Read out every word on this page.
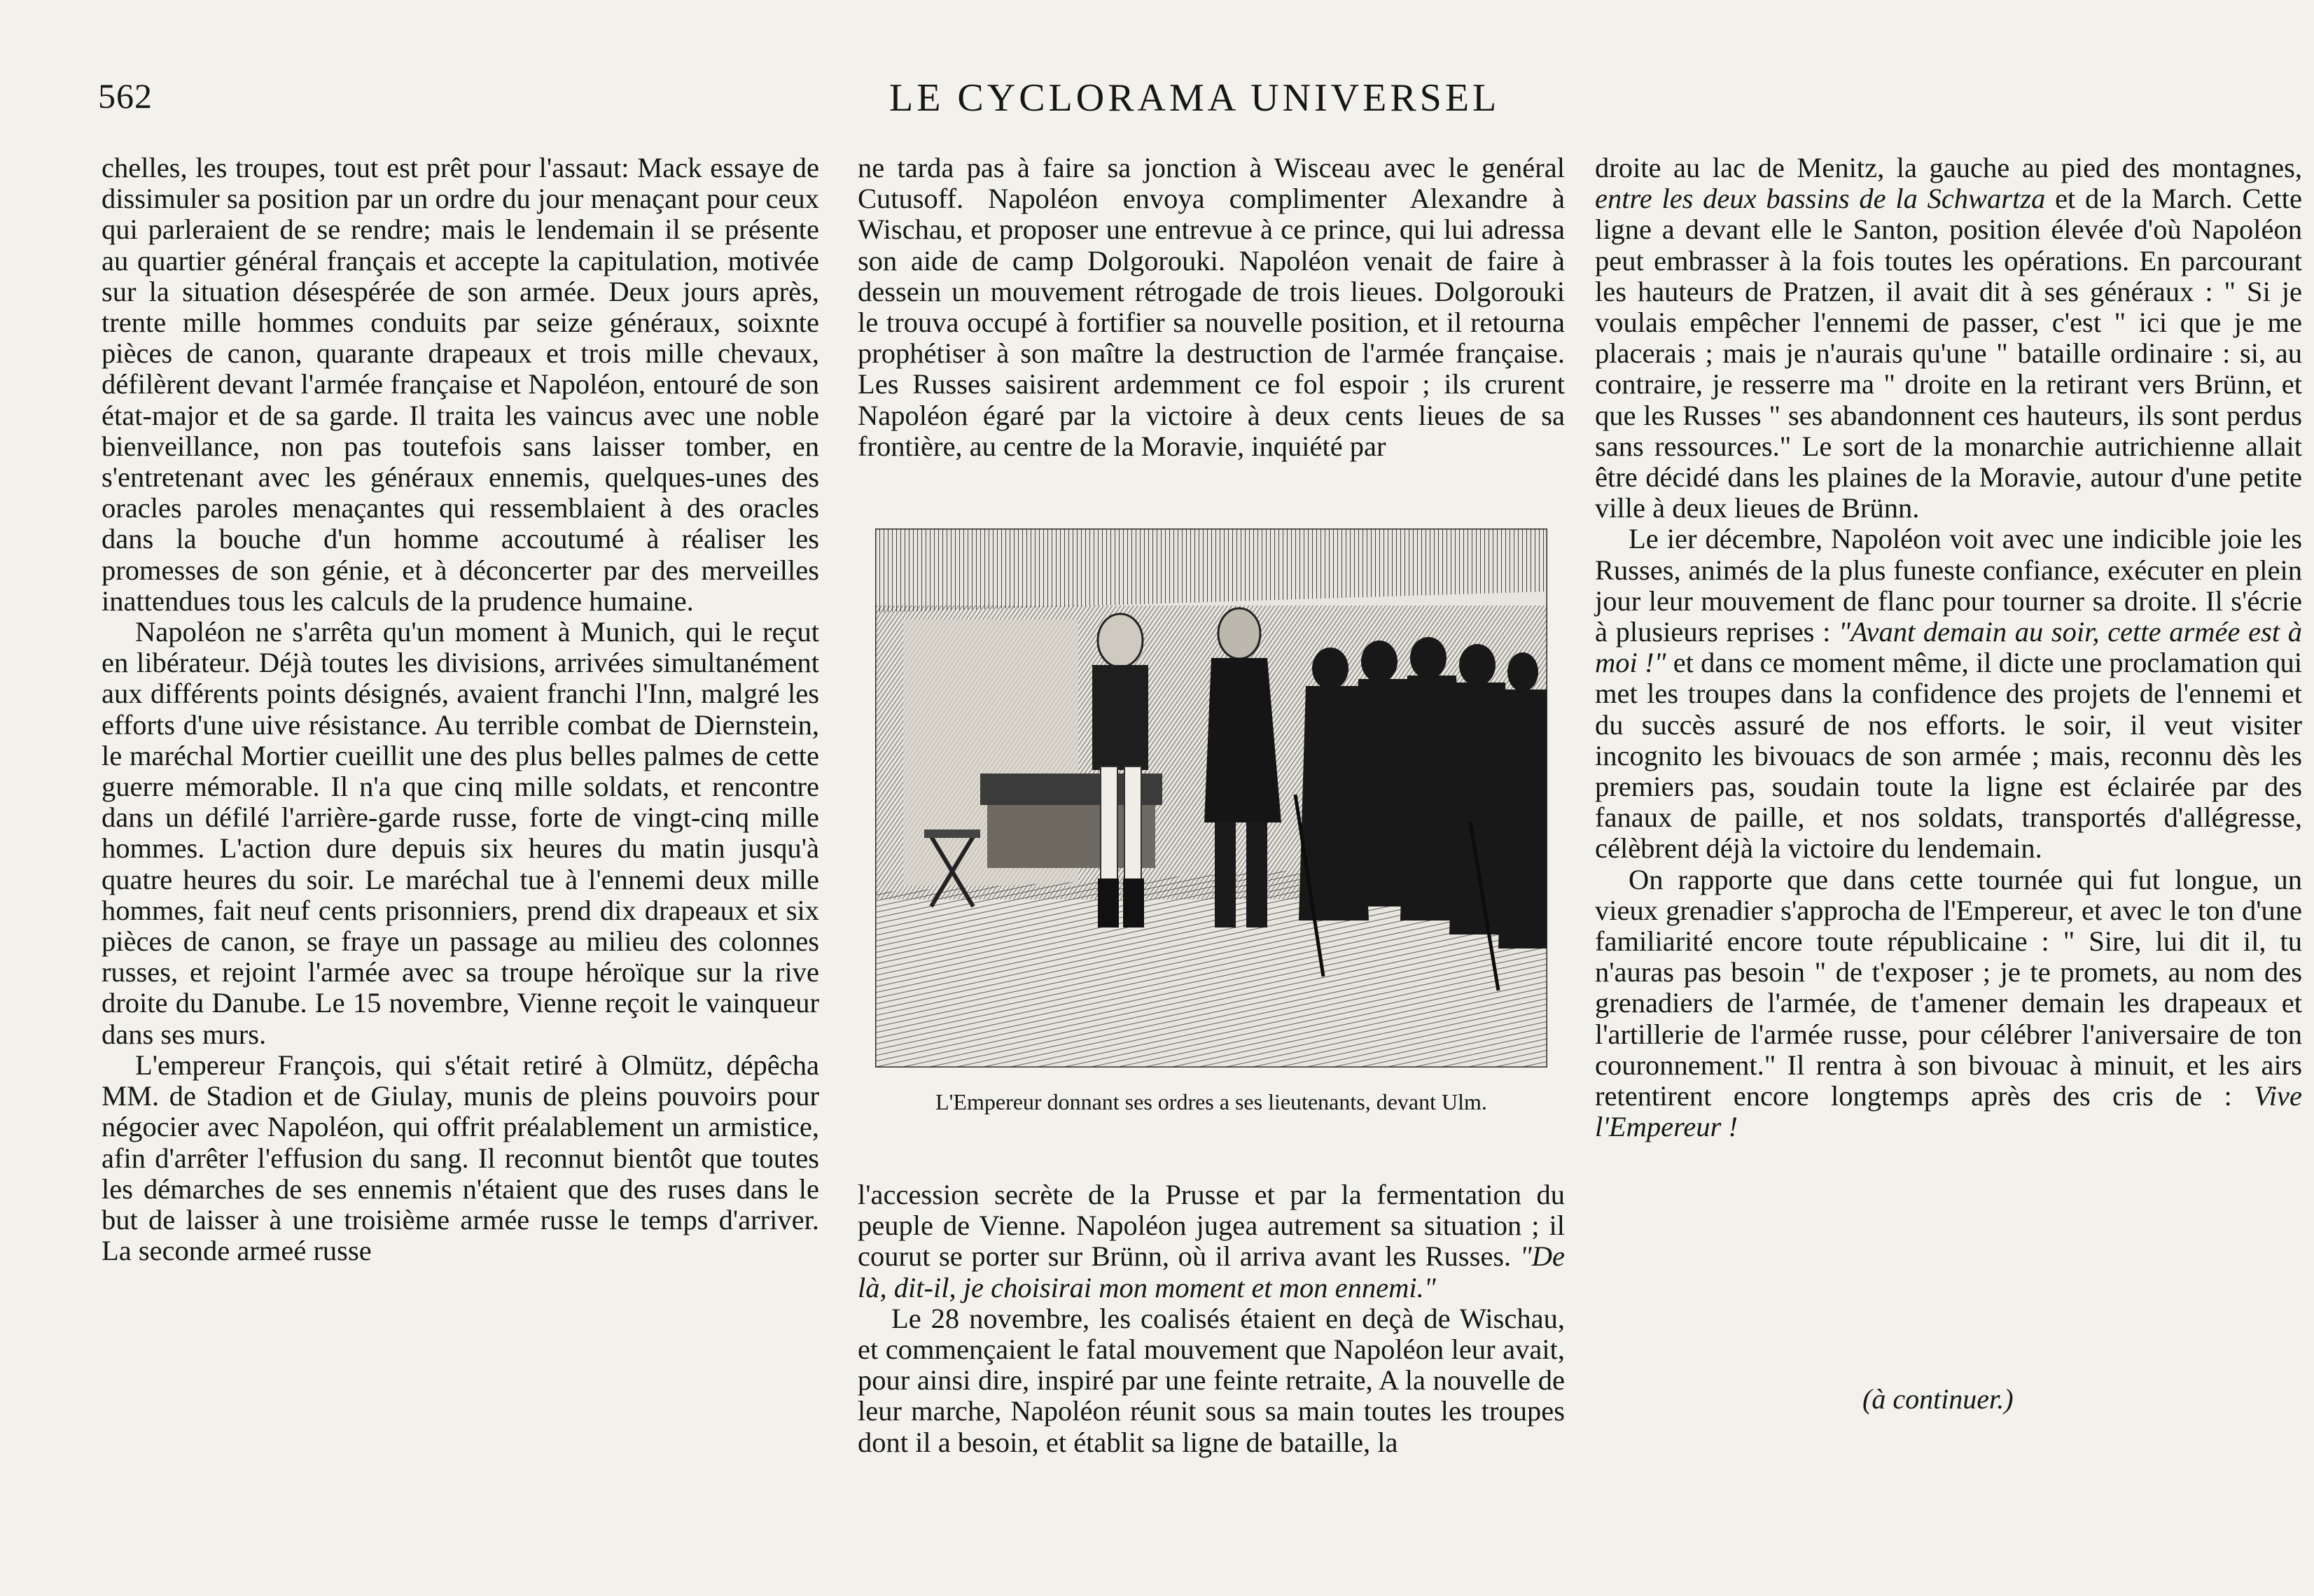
562	LE CYCLORAMA UNIVERSEL

chelles, les troupes, tout est prêt pour l'assaut: Mack essaye de dissimuler sa position par un ordre du jour menaçant pour ceux qui parleraient de se rendre; mais le lendemain il se présente au quartier général français et accepte la capitulation, motivée sur la situation désespérée de son armée. Deux jours après, trente mille hommes conduits par seize généraux, soixnte pièces de canon, quarante drapeaux et trois mille chevaux, défilèrent devant l'armée française et Napoléon, entouré de son état-major et de sa garde. Il traita les vaincus avec une noble bienveillance, non pas toutefois sans laisser tomber, en s'entretenant avec les généraux ennemis, quelques-unes des oracles paroles menaçantes qui ressemblaient à des oracles dans la bouche d'un homme accoutumé à réaliser les promesses de son génie, et à déconcerter par des merveilles inattendues tous les calculs de la prudence humaine.

Napoléon ne s'arrêta qu'un moment à Munich, qui le reçut en libérateur. Déjà toutes les divisions, arrivées simultanément aux différents points désignés, avaient franchi l'Inn, malgré les efforts d'une uive résistance. Au terrible combat de Diernstein, le maréchal Mortier cueillit une des plus belles palmes de cette guerre mémorable. Il n'a que cinq mille soldats, et rencontre dans un défilé l'arrière-garde russe, forte de vingt-cinq mille hommes. L'action dure depuis six heures du matin jusqu'à quatre heures du soir. Le maréchal tue à l'ennemi deux mille hommes, fait neuf cents prisonniers, prend dix drapeaux et six pièces de canon, se fraye un passage au milieu des colonnes russes, et rejoint l'armée avec sa troupe héroïque sur la rive droite du Danube. Le 15 novembre, Vienne reçoit le vainqueur dans ses murs.

L'empereur François, qui s'était retiré à Olmütz, dépêcha MM. de Stadion et de Giulay, munis de pleins pouvoirs pour négocier avec Napoléon, qui offrit préalablement un armistice, afin d'arrêter l'effusion du sang. Il reconnut bientôt que toutes les démarches de ses ennemis n'étaient que des ruses dans le but de laisser à une troisième armée russe le temps d'arriver. La seconde armeé russe

ne tarda pas à faire sa jonction à Wisceau avec le genéral Cutusoff. Napoléon envoya complimenter Alexandre à Wischau, et proposer une entrevue à ce prince, qui lui adressa son aide de camp Dolgorouki. Napoléon venait de faire à dessein un mouvement rétrogade de trois lieues. Dolgorouki le trouva occupé à fortifier sa nouvelle position, et il retourna prophétiser à son maître la destruction de l'armée française. Les Russes saisirent ardemment ce fol espoir ; ils crurent Napoléon égaré par la victoire à deux cents lieues de sa frontière, au centre de la Moravie, inquiété par

L'Empereur donnant ses ordres a ses lieutenants, devant Ulm.

l'accession secrète de la Prusse et par la fermentation du peuple de Vienne. Napoléon jugea autrement sa situation ; il courut se porter sur Brünn, où il arriva avant les Russes. "De là, dit-il, je choisirai mon moment et mon ennemi."

Le 28 novembre, les coalisés étaient en deçà de Wischau, et commençaient le fatal mouvement que Napoléon leur avait, pour ainsi dire, inspiré par une feinte retraite, A la nouvelle de leur marche, Napoléon réunit sous sa main toutes les troupes dont il a besoin, et établit sa ligne de bataille, la

droite au lac de Menitz, la gauche au pied des montagnes, entre les deux bassins de la Schwartza et de la March. Cette ligne a devant elle le Santon, position élevée d'où Napoléon peut embrasser à la fois toutes les opérations. En parcourant les hauteurs de Pratzen, il avait dit à ses généraux : " Si je voulais empêcher l'ennemi de passer, c'est " ici que je me placerais ; mais je n'aurais qu'une " bataille ordinaire : si, au contraire, je resserre ma " droite en la retirant vers Brünn, et que les Russes " ses abandonnent ces hauteurs, ils sont perdus sans ressources." Le sort de la monarchie autrichienne allait être décidé dans les plaines de la Moravie, autour d'une petite ville à deux lieues de Brünn.

Le ier décembre, Napoléon voit avec une indicible joie les Russes, animés de la plus funeste confiance, exécuter en plein jour leur mouvement de flanc pour tourner sa droite. Il s'écrie à plusieurs reprises : "Avant demain au soir, cette armée est à moi !" et dans ce moment même, il dicte une proclamation qui met les troupes dans la confidence des projets de l'ennemi et du succès assuré de nos efforts. le soir, il veut visiter incognito les bivouacs de son armée ; mais, reconnu dès les premiers pas, soudain toute la ligne est éclairée par des fanaux de paille, et nos soldats, transportés d'allégresse, célèbrent déjà la victoire du lendemain.

On rapporte que dans cette tournée qui fut longue, un vieux grenadier s'approcha de l'Empereur, et avec le ton d'une familiarité encore toute républicaine : " Sire, lui dit il, tu n'auras pas besoin " de t'exposer ; je te promets, au nom des grenadiers de l'armée, de t'amener demain les drapeaux et l'artillerie de l'armée russe, pour célébrer l'aniversaire de ton couronnement." Il rentra à son bivouac à minuit, et les airs retentirent encore longtemps après des cris de : Vive l'Empereur !

(à continuer.)
